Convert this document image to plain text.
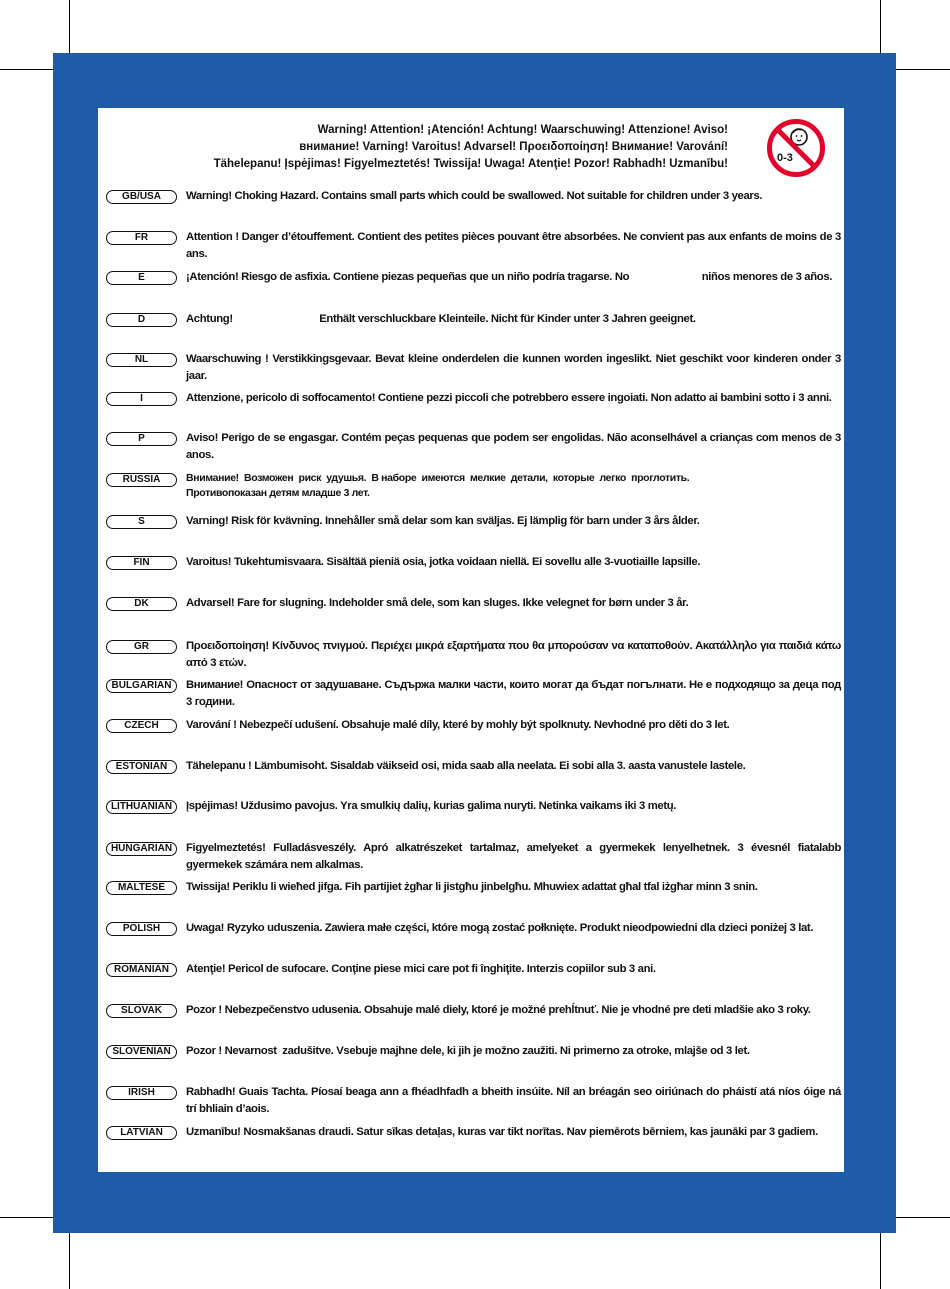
Warning! Attention! ¡Atención! Achtung! Waarschuwing! Attenzione! Aviso!
внимание! Varning! Varoitus! Advarsel! Προειδοποίηση! Внимание! Varování!
Tähelepanu! Įspėjimas! Figyelmeztetés! Twissija! Uwaga! Atenţie! Pozor! Rabhadh! Uzmanību!	0-3
GB/USA	Warning! Choking Hazard. Contains small parts which could be swallowed. Not suitable for children under 3 years.
FR	Attention ! Danger d’étouffement. Contient des petites pièces pouvant être absorbées. Ne convient pas aux enfants de moins de 3 ans.
E	¡Atención! Riesgo de asfixia. Contiene piezas pequeñas que un niño podría tragarse. No                          niños menores de 3 años.
D	Achtung!                               Enthält verschluckbare Kleinteile. Nicht für Kinder unter 3 Jahren geeignet.
NL	Waarschuwing ! Verstikkingsgevaar. Bevat kleine onderdelen die kunnen worden ingeslikt. Niet geschikt voor kinderen onder 3 jaar.
I	Attenzione, pericolo di soffocamento! Contiene pezzi piccoli che potrebbero essere ingoiati. Non adatto ai bambini sotto i 3 anni.
P	Aviso! Perigo de se engasgar. Contém peças pequenas que podem ser engolidas. Não aconselhável a crianças com menos de 3 anos.
RUSSIA	Внимание!  Возможен  риск  удушья.  В наборе  имеются  мелкие  детали,  которые  легко  проглотить.
Противопоказан детям младше 3 лет.
S	Varning! Risk för kvävning. Innehåller små delar som kan sväljas. Ej lämplig för barn under 3 års ålder.
FIN	Varoitus! Tukehtumisvaara. Sisältää pieniä osia, jotka voidaan niellä. Ei sovellu alle 3-vuotiaille lapsille.
DK	Advarsel! Fare for slugning. Indeholder små dele, som kan sluges. Ikke velegnet for børn under 3 år.
GR	Προειδοποίηση! Κίνδυνος πνιγμού. Περιέχει μικρά εξαρτήματα που θα μπορούσαν να καταποθούν. Ακατάλληλο για παιδιά κάτω από 3 ετών.
BULGARIAN	Внимание! Опасност от задушаване. Съдържа малки части, които могат да бъдат погълнати. Не е подходящо за деца под 3 години.
CZECH	Varování ! Nebezpečí udušení. Obsahuje malé díly, které by mohly být spolknuty. Nevhodné pro děti do 3 let.
ESTONIAN	Tähelepanu ! Lämbumisoht. Sisaldab väikseid osi, mida saab alla neelata. Ei sobi alla 3. aasta vanustele lastele.
LITHUANIAN	Įspėjimas! Uždusimo pavojus. Yra smulkių dalių, kurias galima nuryti. Netinka vaikams iki 3 metų.
HUNGARIAN	Figyelmeztetés! Fulladásveszély. Apró alkatrészeket tartalmaz, amelyeket a gyermekek lenyelhetnek. 3 évesnél fiatalabb gyermekek számára nem alkalmas.
MALTESE	Twissija! Periklu li wieħed jifga. Fih partijiet żgħar li jistgħu jinbelgħu. Mhuwiex adattat għal tfal iżgħar minn 3 snin.
POLISH	Uwaga! Ryzyko uduszenia. Zawiera małe części, które mogą zostać połknięte. Produkt nieodpowiedni dla dzieci poniżej 3 lat.
ROMANIAN	Atenţie! Pericol de sufocare. Conţine piese mici care pot fi înghiţite. Interzis copiilor sub 3 ani.
SLOVAK	Pozor ! Nebezpečenstvo udusenia. Obsahuje malé diely, ktoré je možné prehĺtnuť. Nie je vhodné pre deti mladšie ako 3 roky.
SLOVENIAN	Pozor ! Nevarnost  zadušitve. Vsebuje majhne dele, ki jih je možno zaužiti. Ni primerno za otroke, mlajše od 3 let.
IRISH	Rabhadh! Guais Tachta. Píosaí beaga ann a fhéadhfadh a bheith insúite. Níl an bréagán seo oiriúnach do pháistí atá níos óige ná trí bhliain d’aois.
LATVIAN	Uzmanību! Nosmakšanas draudi. Satur sīkas detaļas, kuras var tikt norītas. Nav piemērots bērniem, kas jaunāki par 3 gadiem.
